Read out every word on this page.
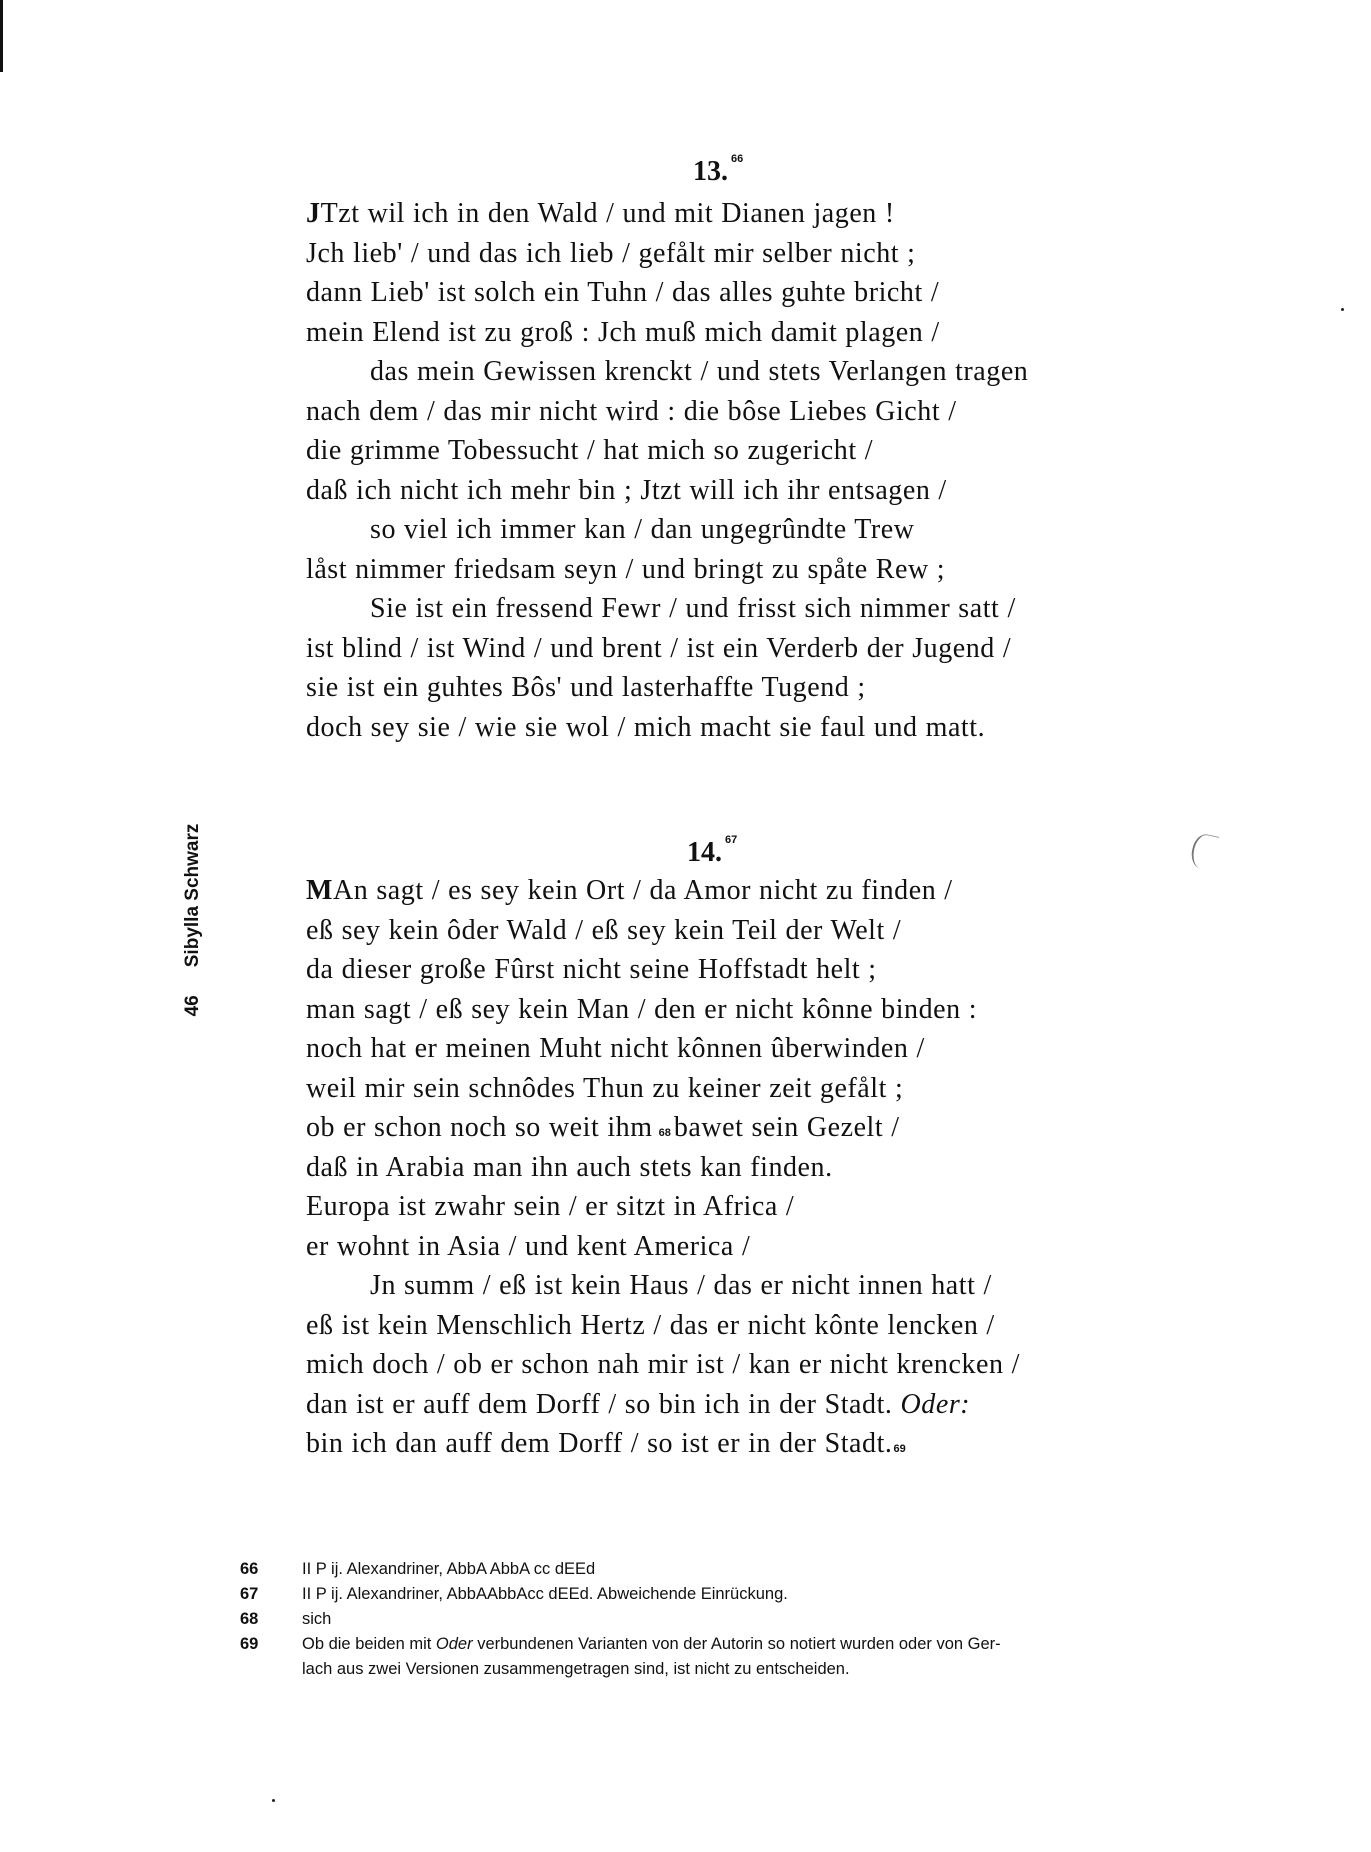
46Sibylla Schwarz
13. $^{66}$
JTzt wil ich in den Wald / und mit Dianen jagen !
Jch lieb' / und das ich lieb / gefålt mir selber nicht ;
dann Lieb' ist solch ein Tuhn / das alles guhte bricht /
mein Elend ist zu groß : Jch muß mich damit plagen /
das mein Gewissen krenckt / und stets Verlangen tragen
nach dem / das mir nicht wird : die bôse Liebes Gicht /
die grimme Tobessucht / hat mich so zugericht /
daß ich nicht ich mehr bin ; Jtzt will ich ihr entsagen /
so viel ich immer kan / dan ungegrûndte Trew
låst nimmer friedsam seyn / und bringt zu spåte Rew ;
Sie ist ein fressend Fewr / und frisst sich nimmer satt /
ist blind / ist Wind / und brent / ist ein Verderb der Jugend /
sie ist ein guhtes Bôs' und lasterhaffte Tugend ;
doch sey sie / wie sie wol / mich macht sie faul und matt.
14. $^{67}$
MAn sagt / es sey kein Ort / da Amor nicht zu finden /
eß sey kein ôder Wald / eß sey kein Teil der Welt /
da dieser große Fûrst nicht seine Hoffstadt helt ;
man sagt / eß sey kein Man / den er nicht kônne binden :
noch hat er meinen Muht nicht kônnen ûberwinden /
weil mir sein schnôdes Thun zu keiner zeit gefålt ;
ob er schon noch so weit ihm $^{68}$ bawet sein Gezelt /
daß in Arabia man ihn auch stets kan finden.
Europa ist zwahr sein / er sitzt in Africa /
er wohnt in Asia / und kent America /
Jn summ / eß ist kein Haus / das er nicht innen hatt /
eß ist kein Menschlich Hertz / das er nicht kônte lencken /
mich doch / ob er schon nah mir ist / kan er nicht krencken /
dan ist er auff dem Dorff / so bin ich in der Stadt. Oder:
bin ich dan auff dem Dorff / so ist er in der Stadt.$^{69}$
66	II P ij. Alexandriner, AbbA AbbA cc dEEd
67	II P ij. Alexandriner, AbbAAbbAcc dEEd. Abweichende Einrückung.
68	sich
69	Ob die beiden mit Oder verbundenen Varianten von der Autorin so notiert wurden oder von Ger-
lach aus zwei Versionen zusammengetragen sind, ist nicht zu entscheiden.
